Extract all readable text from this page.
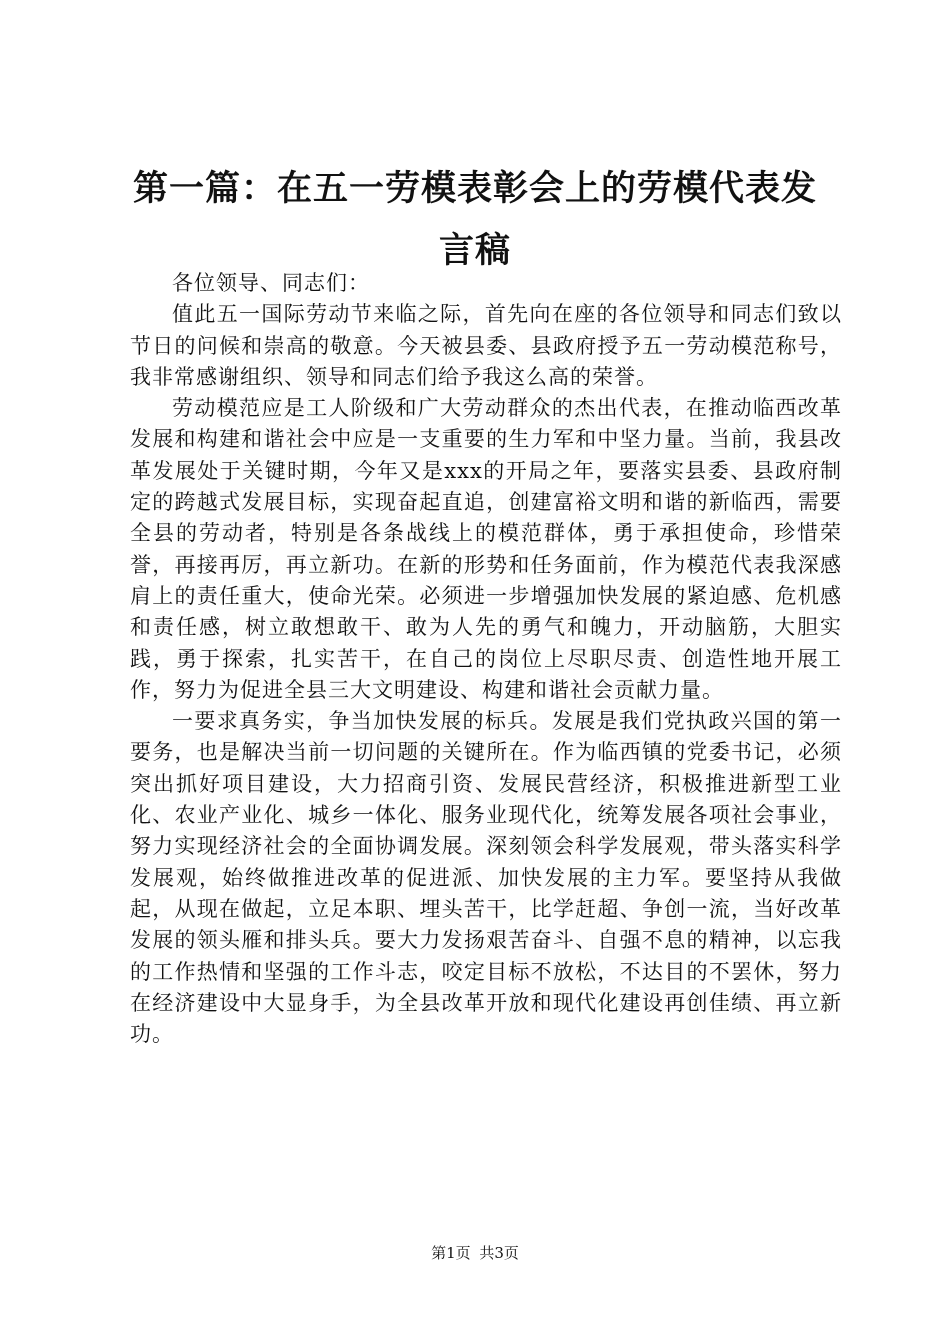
第一篇：在五一劳模表彰会上的劳模代表发言稿

各位领导、同志们：

值此五一国际劳动节来临之际，首先向在座的各位领导和同志们致以节日的问候和崇高的敬意。今天被县委、县政府授予五一劳动模范称号，我非常感谢组织、领导和同志们给予我这么高的荣誉。

劳动模范应是工人阶级和广大劳动群众的杰出代表，在推动临西改革发展和构建和谐社会中应是一支重要的生力军和中坚力量。当前，我县改革发展处于关键时期，今年又是xxx的开局之年，要落实县委、县政府制定的跨越式发展目标，实现奋起直追，创建富裕文明和谐的新临西，需要全县的劳动者，特别是各条战线上的模范群体，勇于承担使命，珍惜荣誉，再接再厉，再立新功。在新的形势和任务面前，作为模范代表我深感肩上的责任重大，使命光荣。必须进一步增强加快发展的紧迫感、危机感和责任感，树立敢想敢干、敢为人先的勇气和魄力，开动脑筋，大胆实践，勇于探索，扎实苦干，在自己的岗位上尽职尽责、创造性地开展工作，努力为促进全县三大文明建设、构建和谐社会贡献力量。

一要求真务实，争当加快发展的标兵。发展是我们党执政兴国的第一要务，也是解决当前一切问题的关键所在。作为临西镇的党委书记，必须突出抓好项目建设，大力招商引资、发展民营经济，积极推进新型工业化、农业产业化、城乡一体化、服务业现代化，统筹发展各项社会事业，努力实现经济社会的全面协调发展。深刻领会科学发展观，带头落实科学发展观，始终做推进改革的促进派、加快发展的主力军。要坚持从我做起，从现在做起，立足本职、埋头苦干，比学赶超、争创一流，当好改革发展的领头雁和排头兵。要大力发扬艰苦奋斗、自强不息的精神，以忘我的工作热情和坚强的工作斗志，咬定目标不放松，不达目的不罢休，努力在经济建设中大显身手，为全县改革开放和现代化建设再创佳绩、再立新功。

第1页 共3页
